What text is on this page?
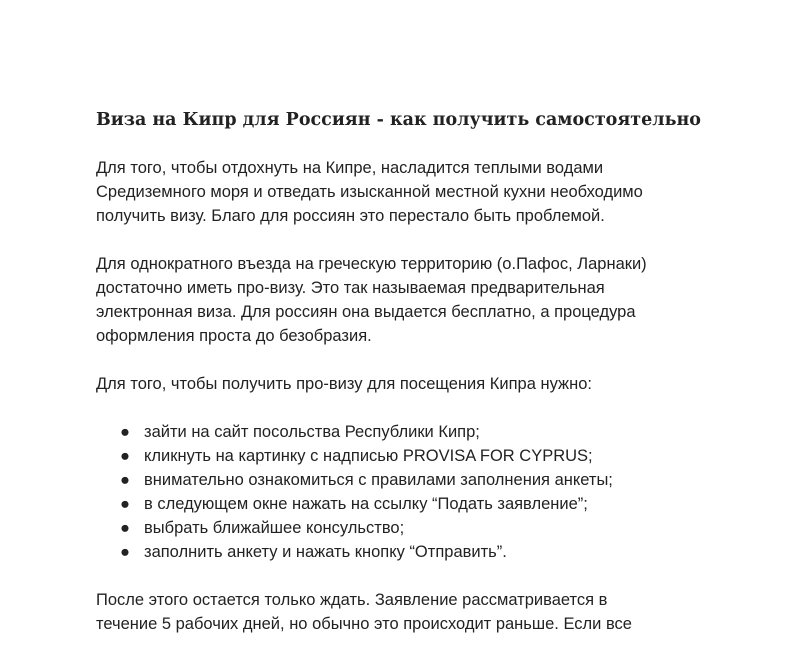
Виза на Кипр для Россиян - как получить самостоятельно

Для того, чтобы отдохнуть на Кипре, насладится теплыми водами
Средиземного моря и отведать изысканной местной кухни необходимо
получить визу. Благо для россиян это перестало быть проблемой.

Для однократного въезда на греческую территорию (о.Пафос, Ларнаки)
достаточно иметь про-визу. Это так называемая предварительная
электронная виза. Для россиян она выдается бесплатно, а процедура
оформления проста до безобразия.

Для того, чтобы получить про-визу для посещения Кипра нужно:

● зайти на сайт посольства Республики Кипр;
● кликнуть на картинку с надписью PROVISA FOR CYPRUS;
● внимательно ознакомиться с правилами заполнения анкеты;
● в следующем окне нажать на ссылку “Подать заявление”;
● выбрать ближайшее консульство;
● заполнить анкету и нажать кнопку “Отправить”.

После этого остается только ждать. Заявление рассматривается в
течение 5 рабочих дней, но обычно это происходит раньше. Если все
